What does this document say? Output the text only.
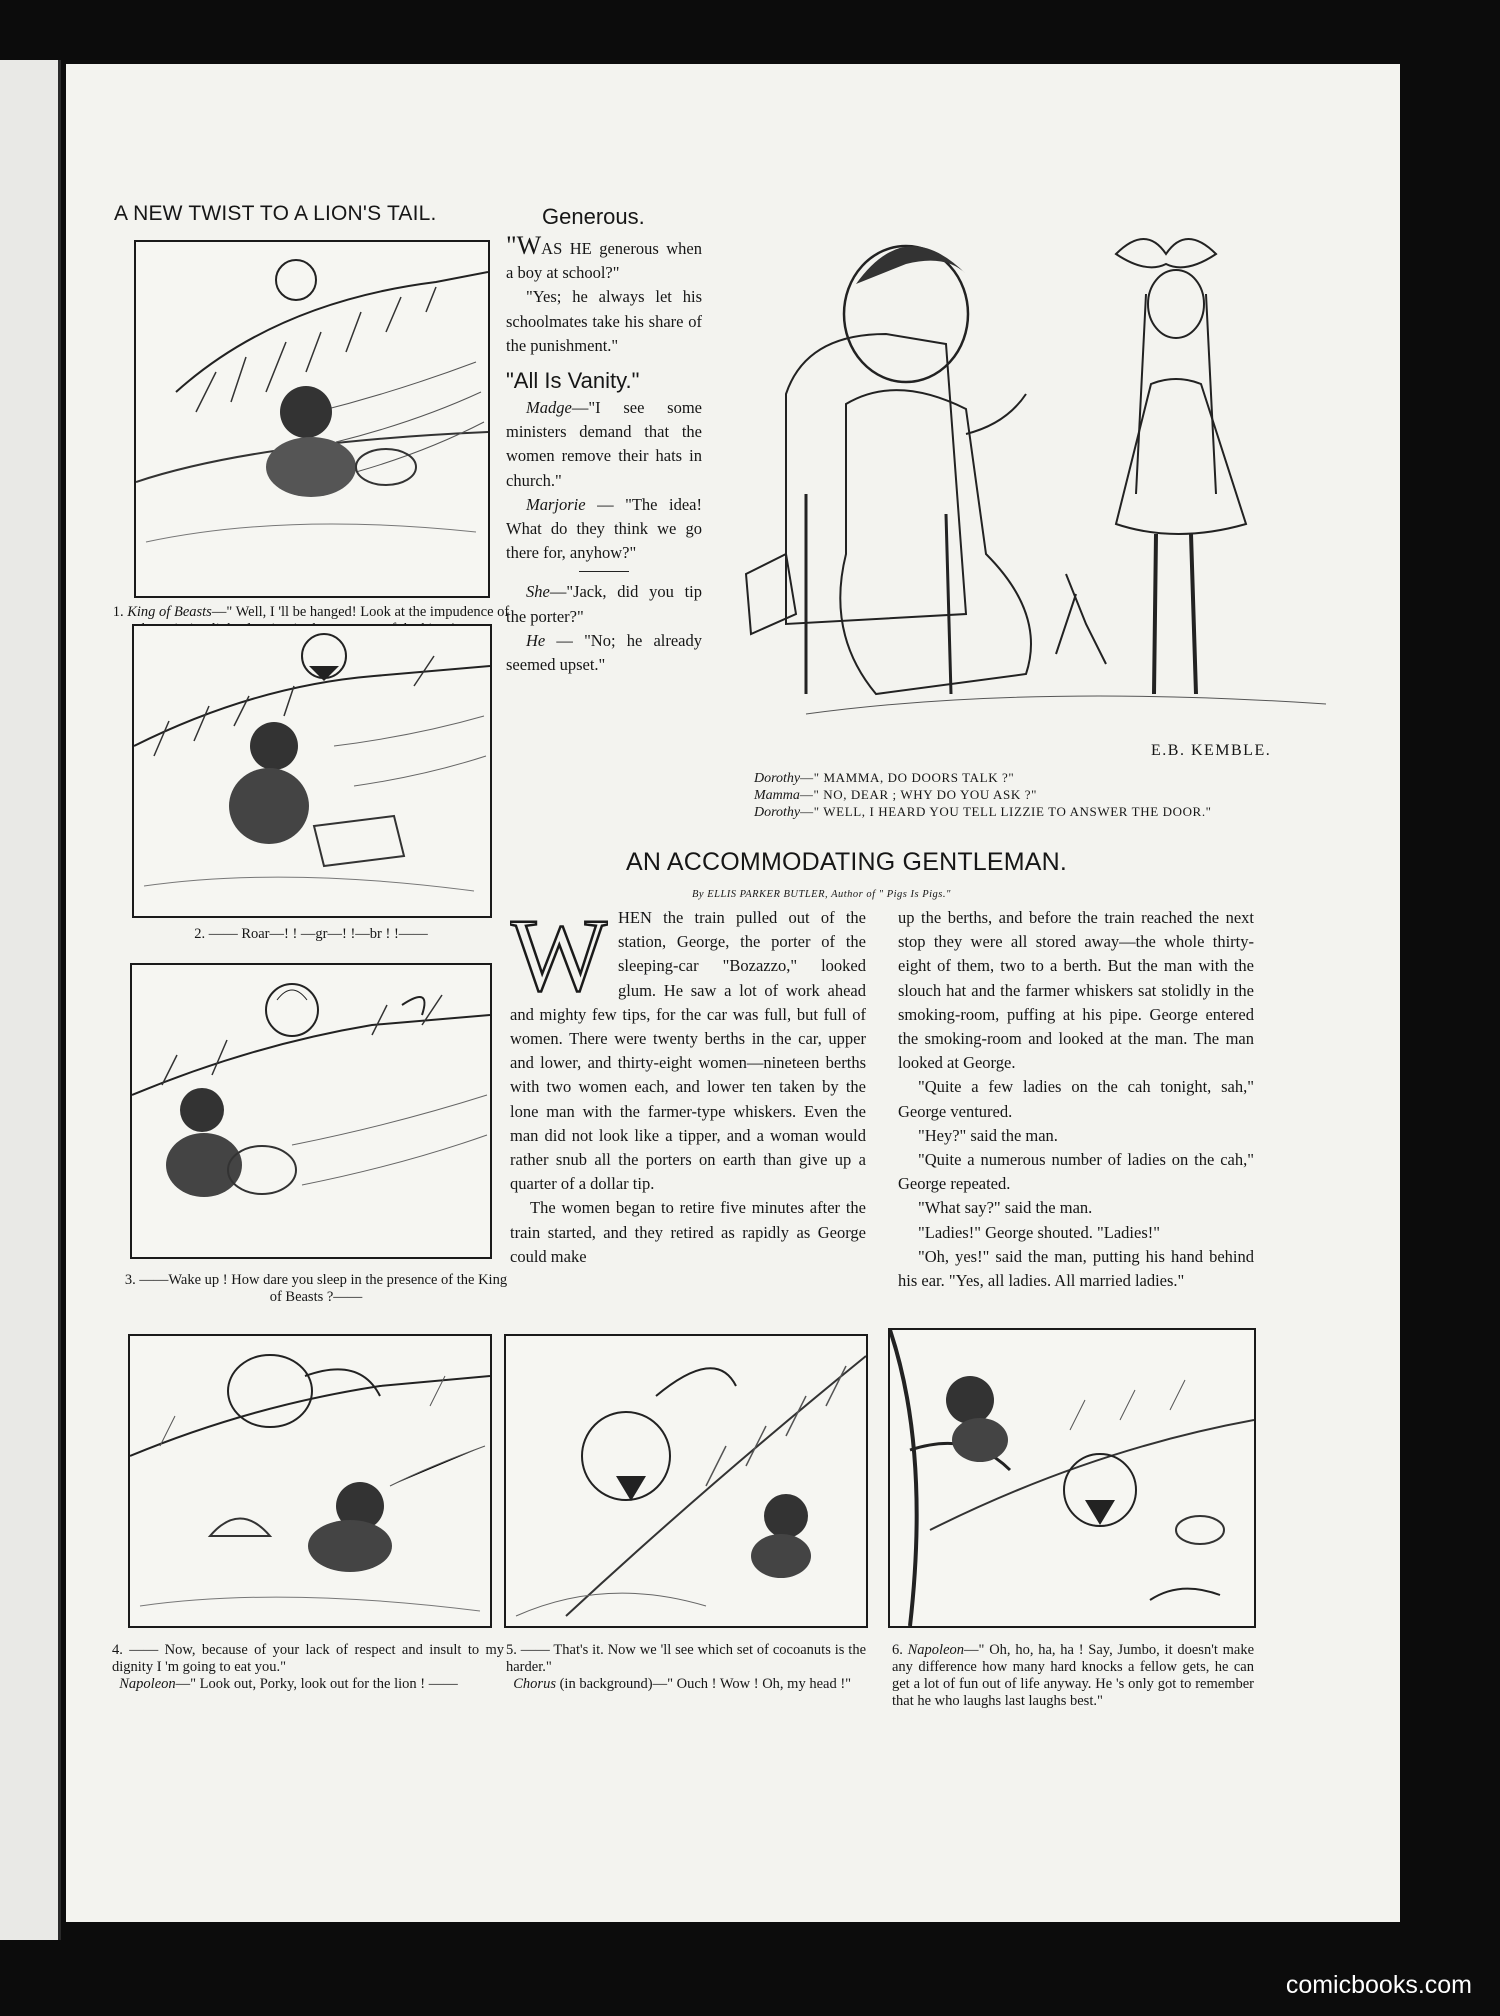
A NEW TWIST TO A LION'S TAIL.
1. King of Beasts—" Well, I 'll be hanged! Look at the impudence of
2. —— Roar—! ! —gr—! !—br ! !——
3. ——Wake up ! How dare you sleep in the presence of the King of Beasts ?——
4. —— Now, because of your lack of respect and insult to my dignity I 'm going to eat you."
Napoleon—" Look out, Porky, look out for the lion ! ——
5. —— That's it. Now we 'll see which set of cocoanuts is the harder."
Chorus (in background)—" Ouch ! Wow ! Oh, my head !"
6. Napoleon—" Oh, ho, ha, ha ! Say, Jumbo, it doesn't make any difference how many hard knocks a fellow gets, he can get a lot of fun out of life anyway. He 's only got to remember that he who laughs last laughs best."
Generous.

"WAS HE generous when a boy at school?"

"Yes; he always let his schoolmates take his share of the punishment."

"All Is Vanity."

Madge—"I see some ministers demand that the women remove their hats in church."

Marjorie — "The idea! What do they think we go there for, anyhow?"

She—"Jack, did you tip the porter?"

He — "No; he already seemed upset."

E.B. KEMBLE.
Dorothy—" MAMMA, DO DOORS TALK ?"
Mamma—" NO, DEAR ; WHY DO YOU ASK ?"
Dorothy—" WELL, I HEARD YOU TELL LIZZIE TO ANSWER THE DOOR."
AN ACCOMMODATING GENTLEMAN.
By ELLIS PARKER BUTLER, Author of " Pigs Is Pigs."
W HEN the train pulled out of the station, George, the porter of the sleeping-car "Bozazzo," looked glum. He saw a lot of work ahead and mighty few tips, for the car was full, but full of women. There were twenty berths in the car, upper and lower, and thirty-eight women—nineteen berths with two women each, and lower ten taken by the lone man with the farmer-type whiskers. Even the man did not look like a tipper, and a woman would rather snub all the porters on earth than give up a quarter of a dollar tip.

The women began to retire five minutes after the train started, and they retired as rapidly as George could make

up the berths, and before the train reached the next stop they were all stored away—the whole thirty-eight of them, two to a berth. But the man with the slouch hat and the farmer whiskers sat stolidly in the smoking-room, puffing at his pipe. George entered the smoking-room and looked at the man. The man looked at George.

"Quite a few ladies on the cah tonight, sah," George ventured.

"Hey?" said the man.

"Quite a numerous number of ladies on the cah," George repeated.

"What say?" said the man.

"Ladies!" George shouted. "Ladies!"

"Oh, yes!" said the man, putting his hand behind his ear. "Yes, all ladies. All married ladies."

comicbooks.com
